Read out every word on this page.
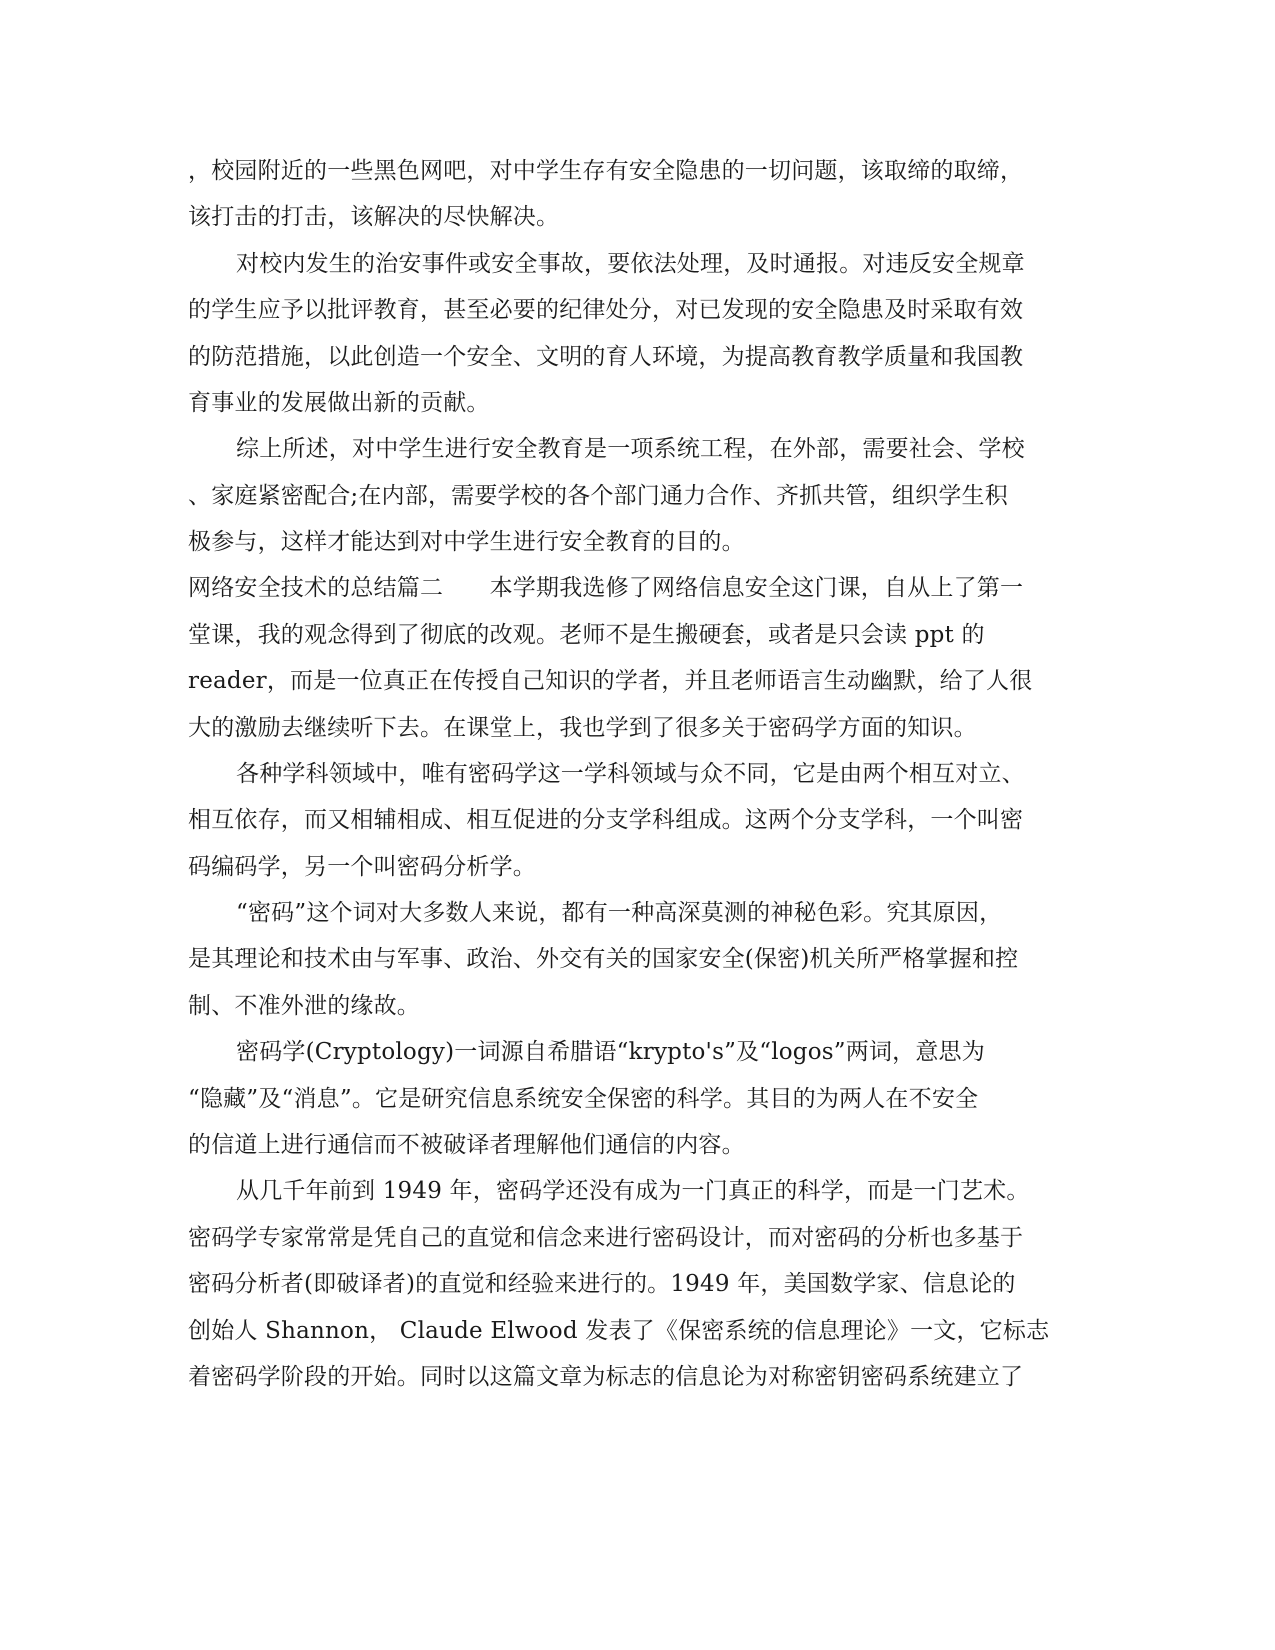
，校园附近的一些黑色网吧，对中学生存有安全隐患的一切问题，该取缔的取缔，
该打击的打击，该解决的尽快解决。
对校内发生的治安事件或安全事故，要依法处理，及时通报。对违反安全规章
的学生应予以批评教育，甚至必要的纪律处分，对已发现的安全隐患及时采取有效
的防范措施，以此创造一个安全、文明的育人环境，为提高教育教学质量和我国教
育事业的发展做出新的贡献。
综上所述，对中学生进行安全教育是一项系统工程，在外部，需要社会、学校
、家庭紧密配合;在内部，需要学校的各个部门通力合作、齐抓共管，组织学生积
极参与，这样才能达到对中学生进行安全教育的目的。
网络安全技术的总结篇二　　本学期我选修了网络信息安全这门课，自从上了第一
堂课，我的观念得到了彻底的改观。老师不是生搬硬套，或者是只会读 ppt 的
reader，而是一位真正在传授自己知识的学者，并且老师语言生动幽默，给了人很
大的激励去继续听下去。在课堂上，我也学到了很多关于密码学方面的知识。
各种学科领域中，唯有密码学这一学科领域与众不同，它是由两个相互对立、
相互依存，而又相辅相成、相互促进的分支学科组成。这两个分支学科，一个叫密
码编码学，另一个叫密码分析学。
“密码”这个词对大多数人来说，都有一种高深莫测的神秘色彩。究其原因，
是其理论和技术由与军事、政治、外交有关的国家安全(保密)机关所严格掌握和控
制、不准外泄的缘故。
密码学(Cryptology)一词源自希腊语“krypto's”及“logos”两词，意思为
“隐藏”及“消息”。它是研究信息系统安全保密的科学。其目的为两人在不安全
的信道上进行通信而不被破译者理解他们通信的内容。
从几千年前到 1949 年，密码学还没有成为一门真正的科学，而是一门艺术。
密码学专家常常是凭自己的直觉和信念来进行密码设计，而对密码的分析也多基于
密码分析者(即破译者)的直觉和经验来进行的。1949 年，美国数学家、信息论的
创始人 Shannon， Claude Elwood 发表了《保密系统的信息理论》一文，它标志
着密码学阶段的开始。同时以这篇文章为标志的信息论为对称密钥密码系统建立了
